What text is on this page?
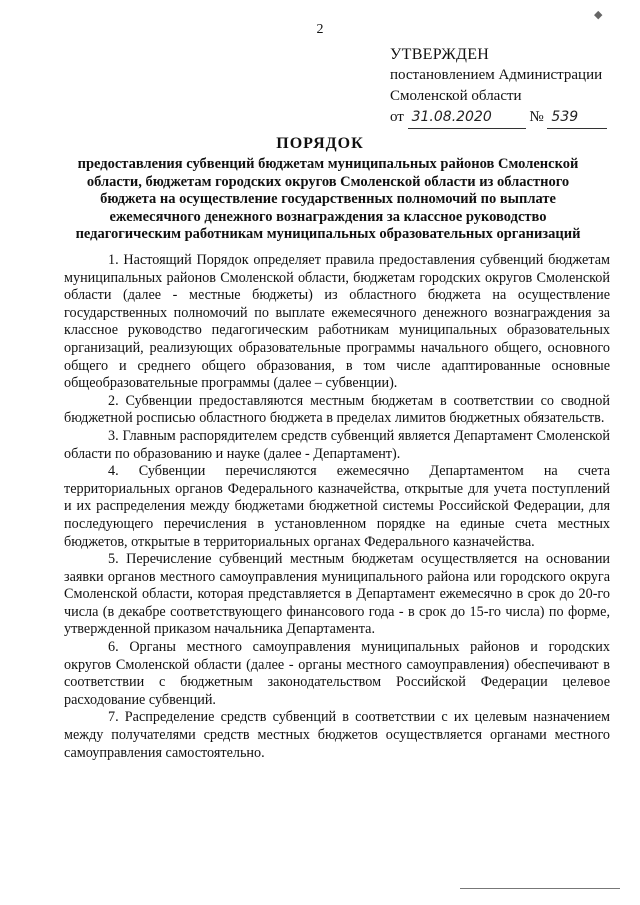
2
◆
УТВЕРЖДЕН
постановлением Администрации
Смоленской области
от 31.08.2020	№ 539
ПОРЯДОК
предоставления субвенций бюджетам муниципальных районов Смоленской области, бюджетам городских округов Смоленской области из областного бюджета на осуществление государственных полномочий по выплате ежемесячного денежного вознаграждения за классное руководство педагогическим работникам муниципальных образовательных организаций

1. Настоящий Порядок определяет правила предоставления субвенций бюджетам муниципальных районов Смоленской области, бюджетам городских округов Смоленской области (далее - местные бюджеты) из областного бюджета на осуществление государственных полномочий по выплате ежемесячного денежного вознаграждения за классное руководство педагогическим работникам муниципальных образовательных организаций, реализующих образовательные программы начального общего, основного общего и среднего общего образования, в том числе адаптированные основные общеобразовательные программы (далее – субвенции).

2. Субвенции предоставляются местным бюджетам в соответствии со сводной бюджетной росписью областного бюджета в пределах лимитов бюджетных обязательств.

3. Главным распорядителем средств субвенций является Департамент Смоленской области по образованию и науке (далее - Департамент).

4. Субвенции перечисляются ежемесячно Департаментом на счета территориальных органов Федерального казначейства, открытые для учета поступлений и их распределения между бюджетами бюджетной системы Российской Федерации, для последующего перечисления в установленном порядке на единые счета местных бюджетов, открытые в территориальных органах Федерального казначейства.

5. Перечисление субвенций местным бюджетам осуществляется на основании заявки органов местного самоуправления муниципального района или городского округа Смоленской области, которая представляется в Департамент ежемесячно в срок до 20-го числа (в декабре соответствующего финансового года - в срок до 15-го числа) по форме, утвержденной приказом начальника Департамента.

6. Органы местного самоуправления муниципальных районов и городских округов Смоленской области (далее - органы местного самоуправления) обеспечивают в соответствии с бюджетным законодательством Российской Федерации целевое расходование субвенций.

7. Распределение средств субвенций в соответствии с их целевым назначением между получателями средств местных бюджетов осуществляется органами местного самоуправления самостоятельно.
